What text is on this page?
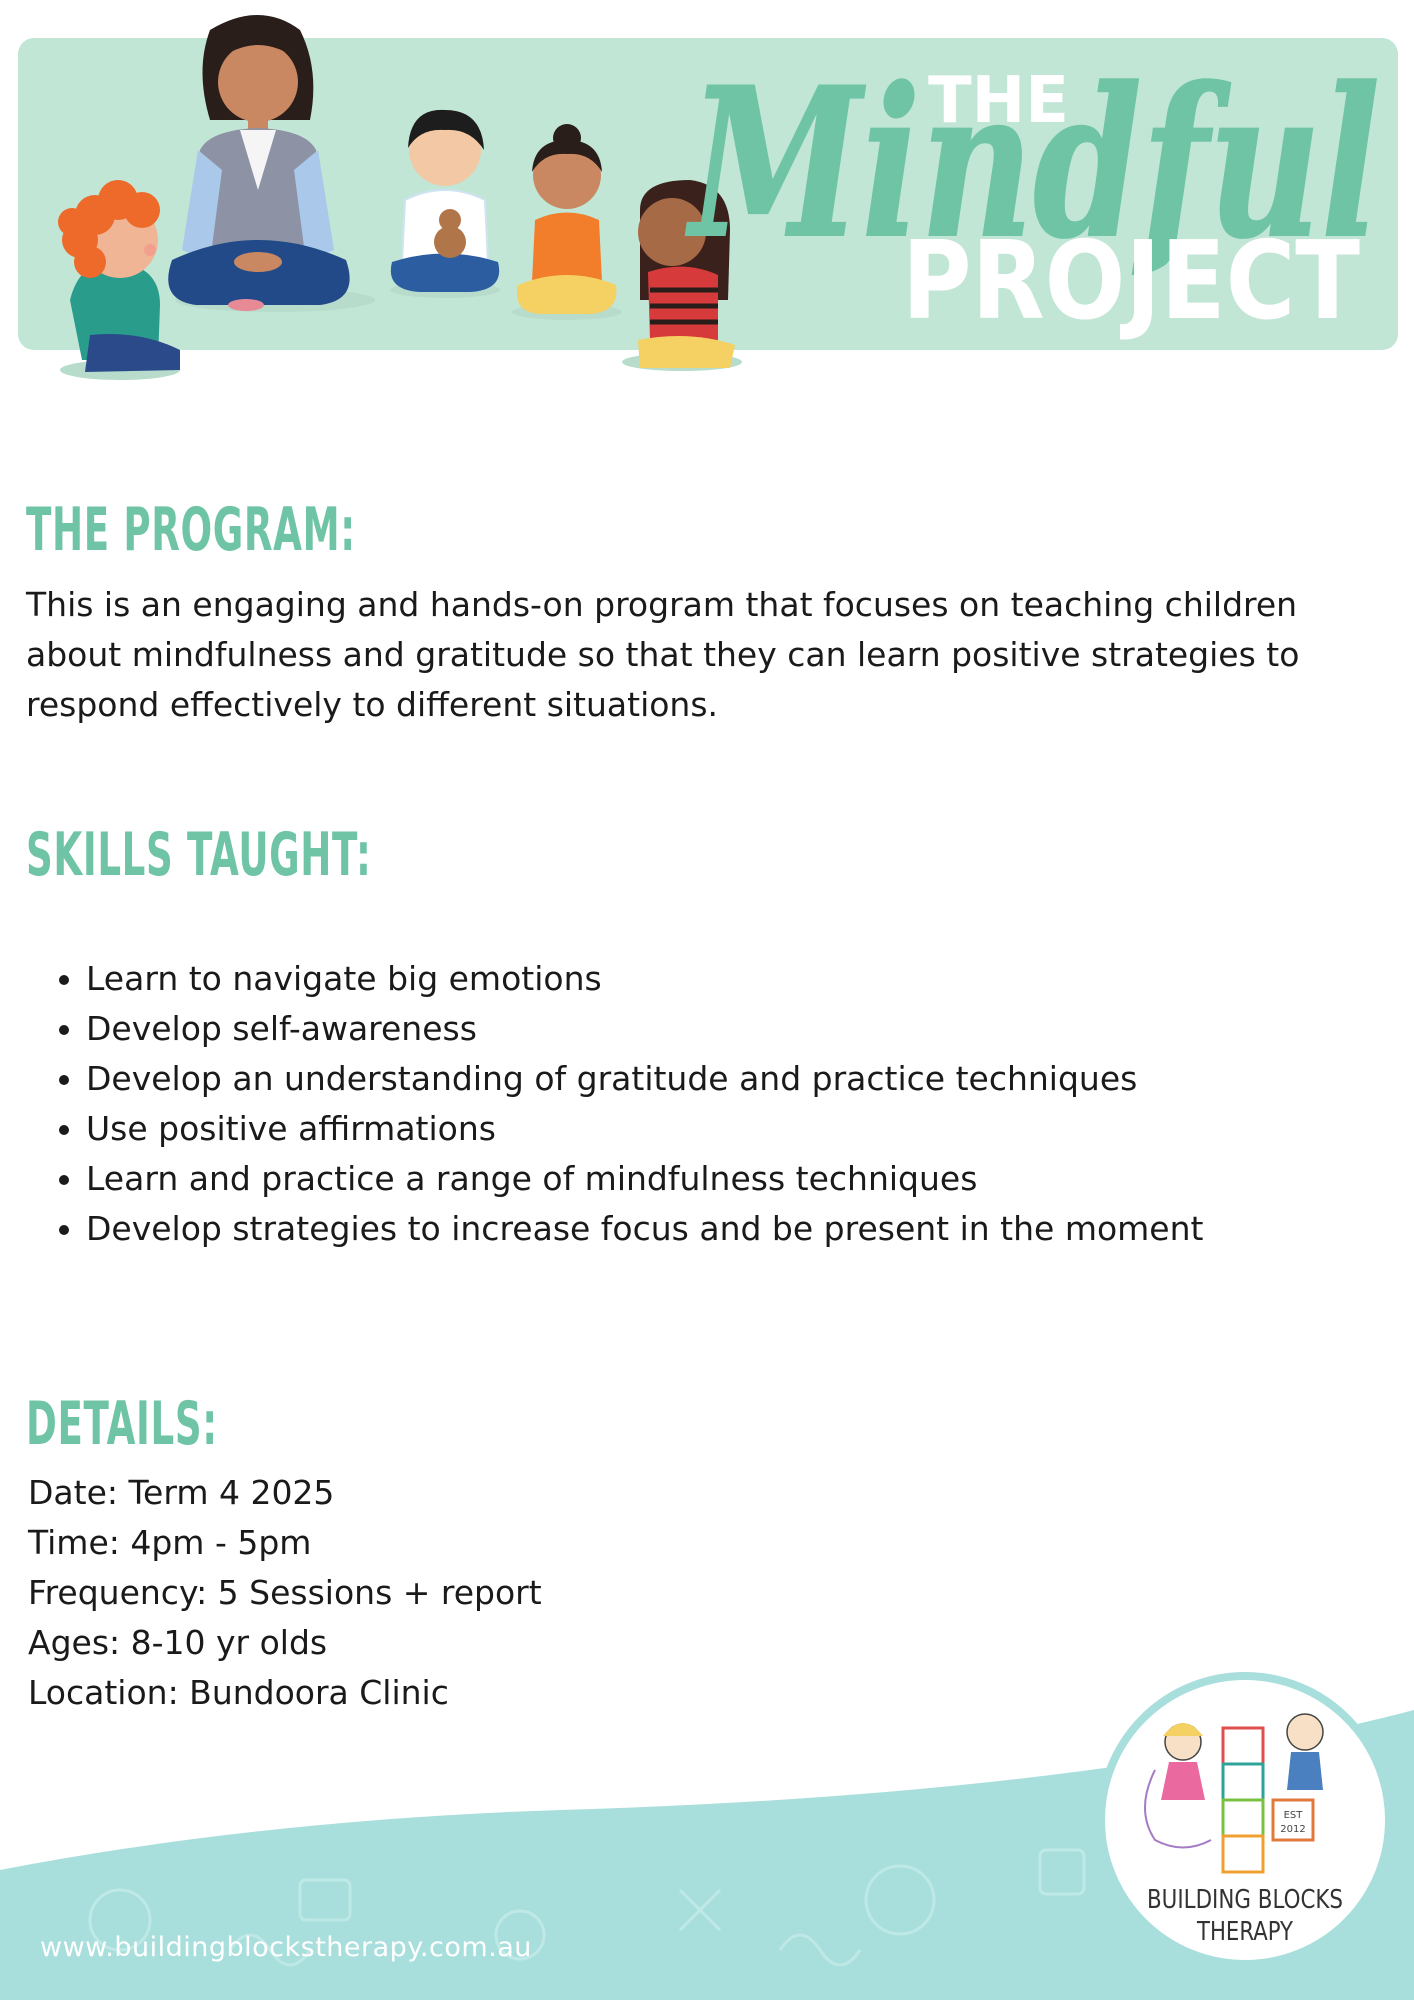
THE
Mindful
PROJECT
THE PROGRAM:

This is an engaging and hands-on program that focuses on teaching children about mindfulness and gratitude so that they can learn positive strategies to respond effectively to different situations.

SKILLS TAUGHT:
• Learn to navigate big emotions
• Develop self-awareness
• Develop an understanding of gratitude and practice techniques
• Use positive affirmations
• Learn and practice a range of mindfulness techniques
• Develop strategies to increase focus and be present in the moment
DETAILS:
Date: Term 4 2025
Time: 4pm - 5pm
Frequency: 5 Sessions + report
Ages: 8-10 yr olds
Location: Bundoora Clinic

www.buildingblockstherapy.com.au

EST
2012
BUILDING BLOCKS
THERAPY
